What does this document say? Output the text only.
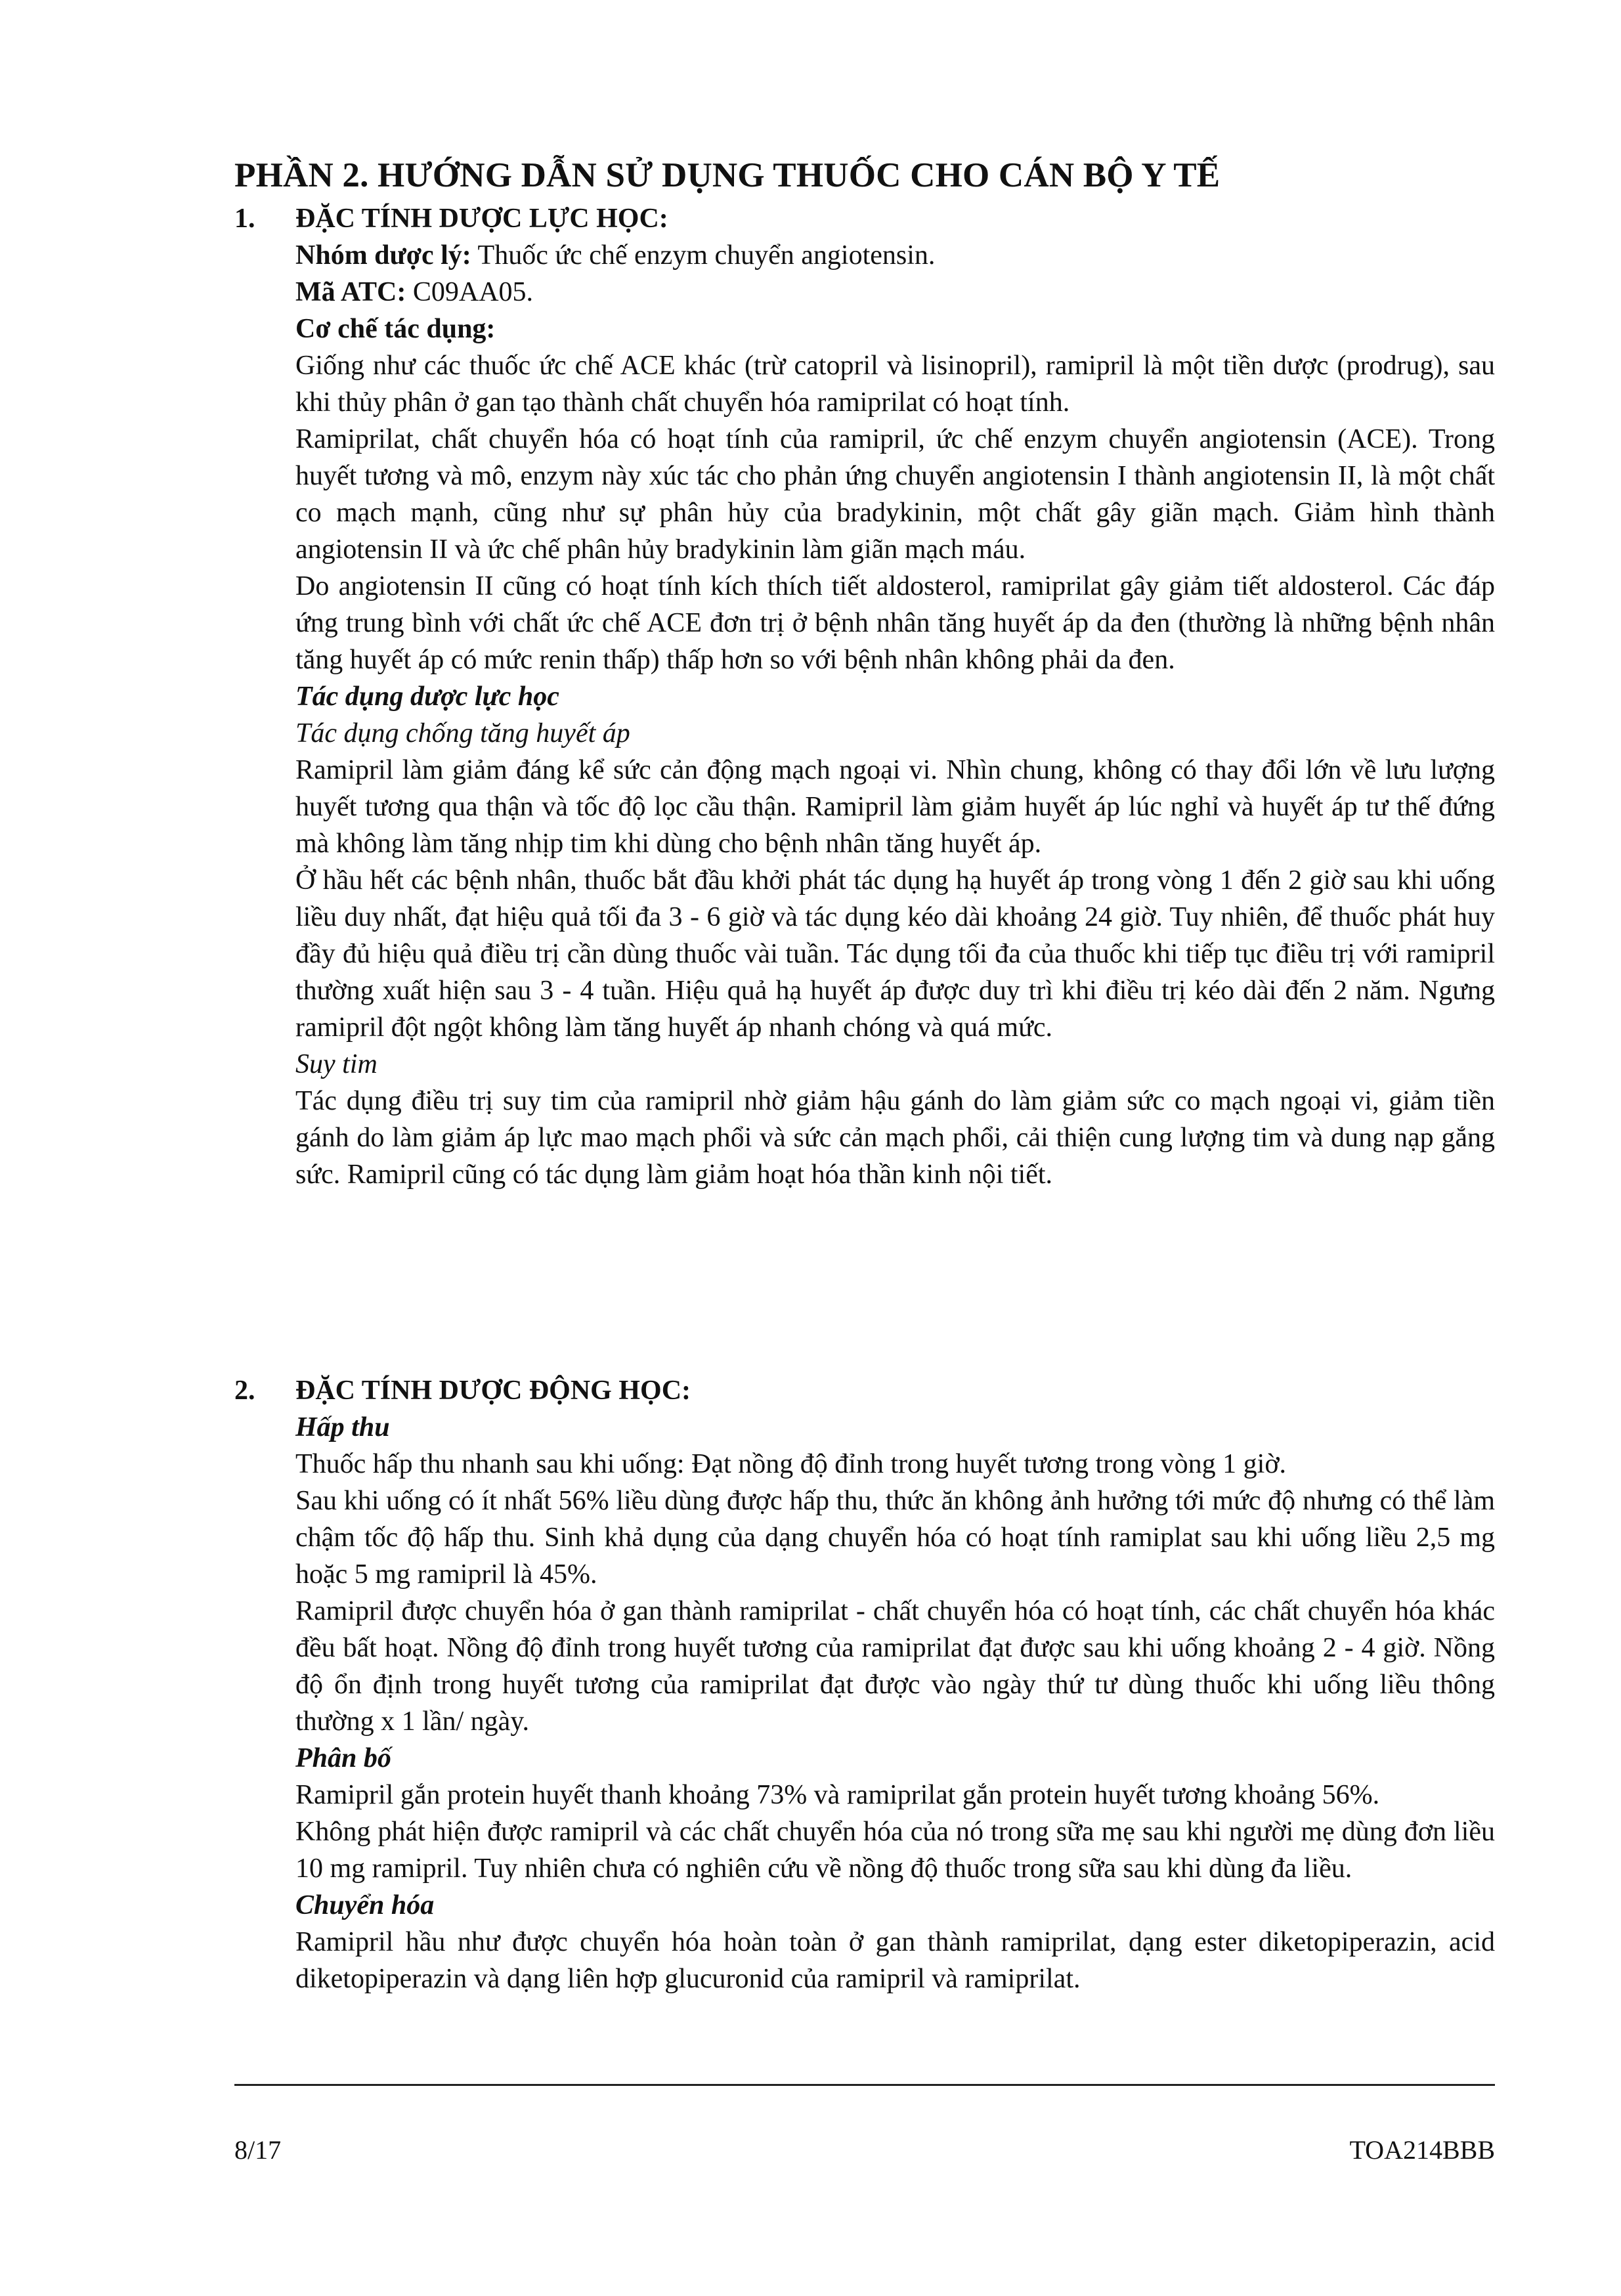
PHẦN 2. HƯỚNG DẪN SỬ DỤNG THUỐC CHO CÁN BỘ Y TẾ
1.	ĐẶC TÍNH DƯỢC LỰC HỌC:

Nhóm dược lý: Thuốc ức chế enzym chuyển angiotensin.

Mã ATC: C09AA05.

Cơ chế tác dụng:

Giống như các thuốc ức chế ACE khác (trừ catopril và lisinopril), ramipril là một tiền dược (prodrug), sau khi thủy phân ở gan tạo thành chất chuyển hóa ramiprilat có hoạt tính.

Ramiprilat, chất chuyển hóa có hoạt tính của ramipril, ức chế enzym chuyển angiotensin (ACE). Trong huyết tương và mô, enzym này xúc tác cho phản ứng chuyển angiotensin I thành angiotensin II, là một chất co mạch mạnh, cũng như sự phân hủy của bradykinin, một chất gây giãn mạch. Giảm hình thành angiotensin II và ức chế phân hủy bradykinin làm giãn mạch máu.

Do angiotensin II cũng có hoạt tính kích thích tiết aldosterol, ramiprilat gây giảm tiết aldosterol. Các đáp ứng trung bình với chất ức chế ACE đơn trị ở bệnh nhân tăng huyết áp da đen (thường là những bệnh nhân tăng huyết áp có mức renin thấp) thấp hơn so với bệnh nhân không phải da đen.

Tác dụng dược lực học

Tác dụng chống tăng huyết áp

Ramipril làm giảm đáng kể sức cản động mạch ngoại vi. Nhìn chung, không có thay đổi lớn về lưu lượng huyết tương qua thận và tốc độ lọc cầu thận. Ramipril làm giảm huyết áp lúc nghỉ và huyết áp tư thế đứng mà không làm tăng nhịp tim khi dùng cho bệnh nhân tăng huyết áp.

Ở hầu hết các bệnh nhân, thuốc bắt đầu khởi phát tác dụng hạ huyết áp trong vòng 1 đến 2 giờ sau khi uống liều duy nhất, đạt hiệu quả tối đa 3 - 6 giờ và tác dụng kéo dài khoảng 24 giờ. Tuy nhiên, để thuốc phát huy đầy đủ hiệu quả điều trị cần dùng thuốc vài tuần. Tác dụng tối đa của thuốc khi tiếp tục điều trị với ramipril thường xuất hiện sau 3 - 4 tuần. Hiệu quả hạ huyết áp được duy trì khi điều trị kéo dài đến 2 năm. Ngưng ramipril đột ngột không làm tăng huyết áp nhanh chóng và quá mức.

Suy tim

Tác dụng điều trị suy tim của ramipril nhờ giảm hậu gánh do làm giảm sức co mạch ngoại vi, giảm tiền gánh do làm giảm áp lực mao mạch phổi và sức cản mạch phổi, cải thiện cung lượng tim và dung nạp gắng sức. Ramipril cũng có tác dụng làm giảm hoạt hóa thần kinh nội tiết.

2.	ĐẶC TÍNH DƯỢC ĐỘNG HỌC:

Hấp thu

Thuốc hấp thu nhanh sau khi uống: Đạt nồng độ đỉnh trong huyết tương trong vòng 1 giờ.

Sau khi uống có ít nhất 56% liều dùng được hấp thu, thức ăn không ảnh hưởng tới mức độ nhưng có thể làm chậm tốc độ hấp thu. Sinh khả dụng của dạng chuyển hóa có hoạt tính ramiplat sau khi uống liều 2,5 mg hoặc 5 mg ramipril là 45%.

Ramipril được chuyển hóa ở gan thành ramiprilat - chất chuyển hóa có hoạt tính, các chất chuyển hóa khác đều bất hoạt. Nồng độ đỉnh trong huyết tương của ramiprilat đạt được sau khi uống khoảng 2 - 4 giờ. Nồng độ ổn định trong huyết tương của ramiprilat đạt được vào ngày thứ tư dùng thuốc khi uống liều thông thường x 1 lần/ ngày.

Phân bố

Ramipril gắn protein huyết thanh khoảng 73% và ramiprilat gắn protein huyết tương khoảng 56%.

Không phát hiện được ramipril và các chất chuyển hóa của nó trong sữa mẹ sau khi người mẹ dùng đơn liều 10 mg ramipril. Tuy nhiên chưa có nghiên cứu về nồng độ thuốc trong sữa sau khi dùng đa liều.

Chuyển hóa

Ramipril hầu như được chuyển hóa hoàn toàn ở gan thành ramiprilat, dạng ester diketopiperazin, acid diketopiperazin và dạng liên hợp glucuronid của ramipril và ramiprilat.

8/17	TOA214BBB
